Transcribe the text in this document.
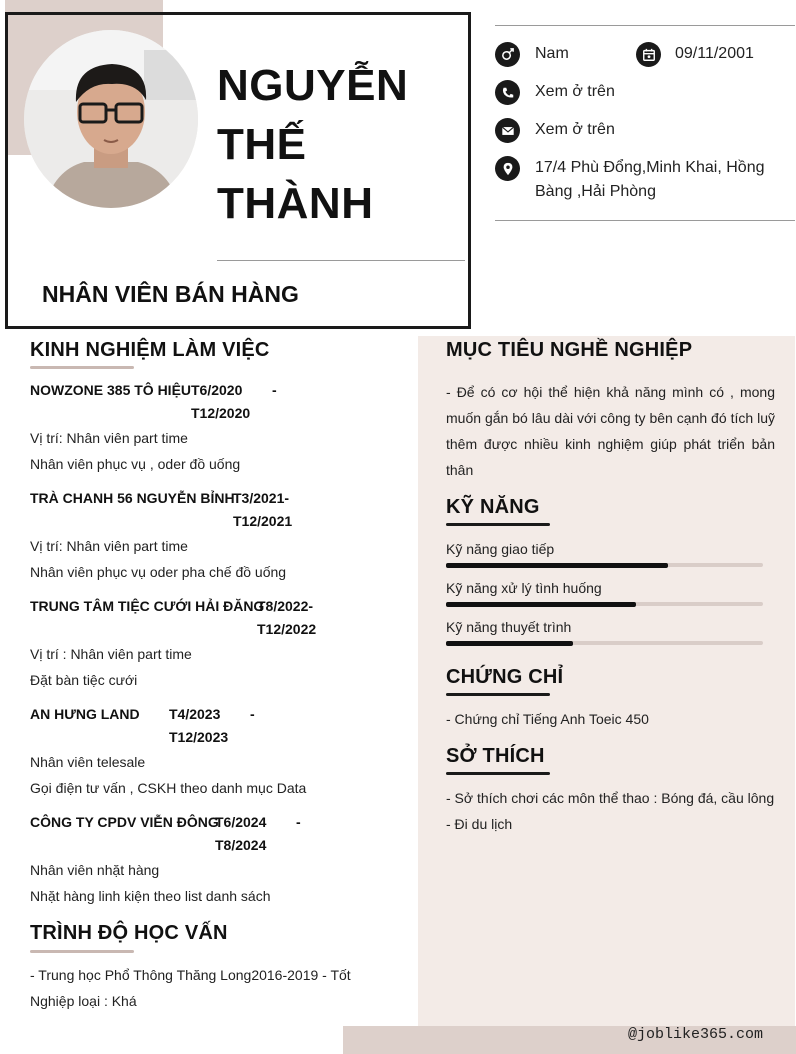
NGUYỄN
THẾ
THÀNH
NHÂN VIÊN BÁN HÀNG
Nam	09/11/2001
Xem ở trên
Xem ở trên
17/4 Phù Đổng,Minh Khai, Hồng
Bàng ,Hải Phòng
KINH NGHIỆM LÀM VIỆC
NOWZONE 385 TÔ HIỆU T6/2020
T12/2020
-
Vị trí: Nhân viên part time
Nhân viên phục vụ , oder đồ uống
TRÀ CHANH 56 NGUYỄN BỈNH
T3/2021-
T12/2021
Vị trí: Nhân viên part time
Nhân viên phục vụ oder pha chế đồ uống
TRUNG TÂM TIỆC CƯỚI HẢI ĐĂNG
T8/2022-
T12/2022
Vị trí : Nhân viên part time
Đặt bàn tiệc cưới
AN HƯNG LAND T4/2023
T12/2023
-
Nhân viên telesale
Gọi điện tư vấn , CSKH theo danh mục Data
CÔNG TY CPDV VIỄN ĐÔNG
T6/2024
T8/2024
-
Nhân viên nhặt hàng
Nhặt hàng linh kiện theo list danh sách
TRÌNH ĐỘ HỌC VẤN
- Trung học Phổ Thông Thăng Long2016-2019 - Tốt
Nghiệp loại : Khá
MỤC TIÊU NGHỀ NGHIỆP
- Để có cơ hội thể hiện khả năng mình có , mong
muốn gắn bó lâu dài với công ty bên cạnh đó tích luỹ
thêm được nhiều kinh nghiệm giúp phát triển bản
thân
KỸ NĂNG
Kỹ năng giao tiếp
Kỹ năng xử lý tình huống
Kỹ năng thuyết trình
CHỨNG CHỈ
- Chứng chỉ Tiếng Anh Toeic 450
SỞ THÍCH
- Sở thích chơi các môn thể thao : Bóng đá, cầu lông
- Đi du lịch
@joblike365.com
